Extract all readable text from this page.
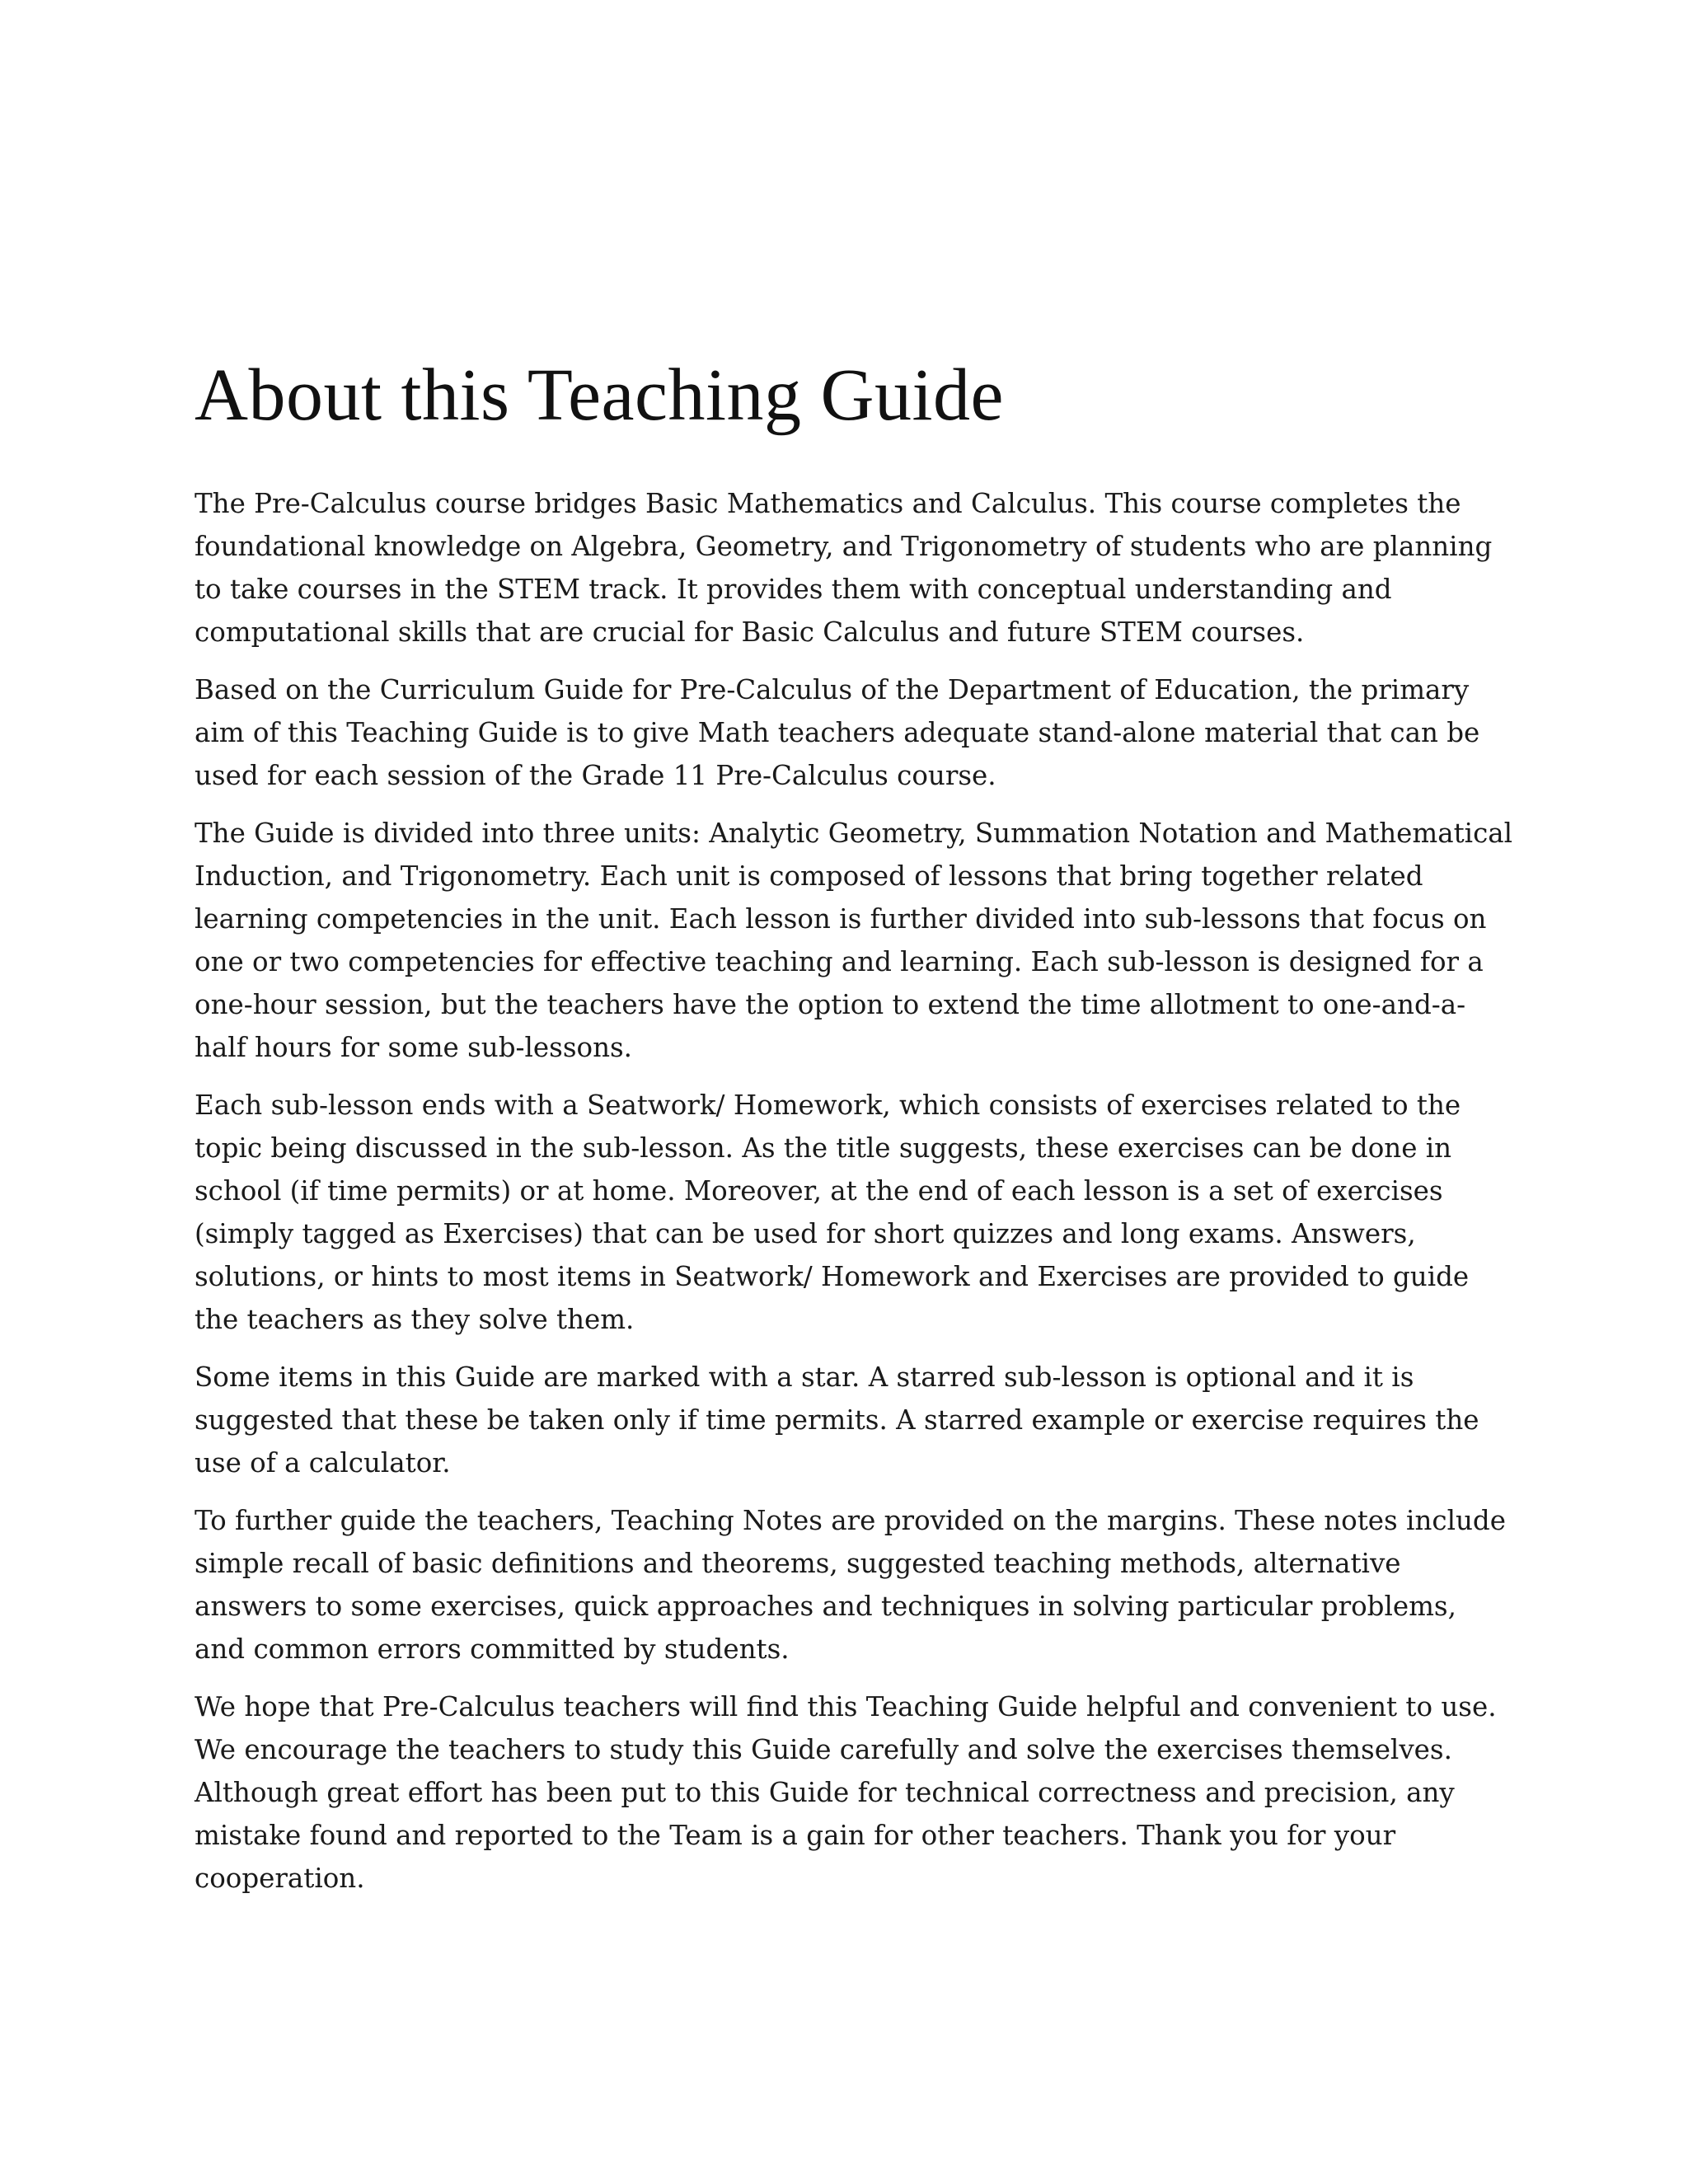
About this Teaching Guide

The Pre-Calculus course bridges Basic Mathematics and Calculus. This course completes the foundational knowledge on Algebra, Geometry, and Trigonometry of students who are planning to take courses in the STEM track. It provides them with conceptual understanding and computational skills that are crucial for Basic Calculus and future STEM courses.

Based on the Curriculum Guide for Pre-Calculus of the Department of Education, the primary aim of this Teaching Guide is to give Math teachers adequate stand-alone material that can be used for each session of the Grade 11 Pre-Calculus course.

The Guide is divided into three units: Analytic Geometry, Summation Notation and Mathematical Induction, and Trigonometry. Each unit is composed of lessons that bring together related learning competencies in the unit. Each lesson is further divided into sub-lessons that focus on one or two competencies for effective teaching and learning. Each sub-lesson is designed for a one-hour session, but the teachers have the option to extend the time allotment to one-and-a-half hours for some sub-lessons.

Each sub-lesson ends with a Seatwork/ Homework, which consists of exercises related to the topic being discussed in the sub-lesson. As the title suggests, these exercises can be done in school (if time permits) or at home. Moreover, at the end of each lesson is a set of exercises (simply tagged as Exercises) that can be used for short quizzes and long exams. Answers, solutions, or hints to most items in Seatwork/ Homework and Exercises are provided to guide the teachers as they solve them.

Some items in this Guide are marked with a star. A starred sub-lesson is optional and it is suggested that these be taken only if time permits. A starred example or exercise requires the use of a calculator.

To further guide the teachers, Teaching Notes are provided on the margins. These notes include simple recall of basic definitions and theorems, suggested teaching methods, alternative answers to some exercises, quick approaches and techniques in solving particular problems, and common errors committed by students.

We hope that Pre-Calculus teachers will find this Teaching Guide helpful and convenient to use. We encourage the teachers to study this Guide carefully and solve the exercises themselves. Although great effort has been put to this Guide for technical correctness and precision, any mistake found and reported to the Team is a gain for other teachers. Thank you for your cooperation.
